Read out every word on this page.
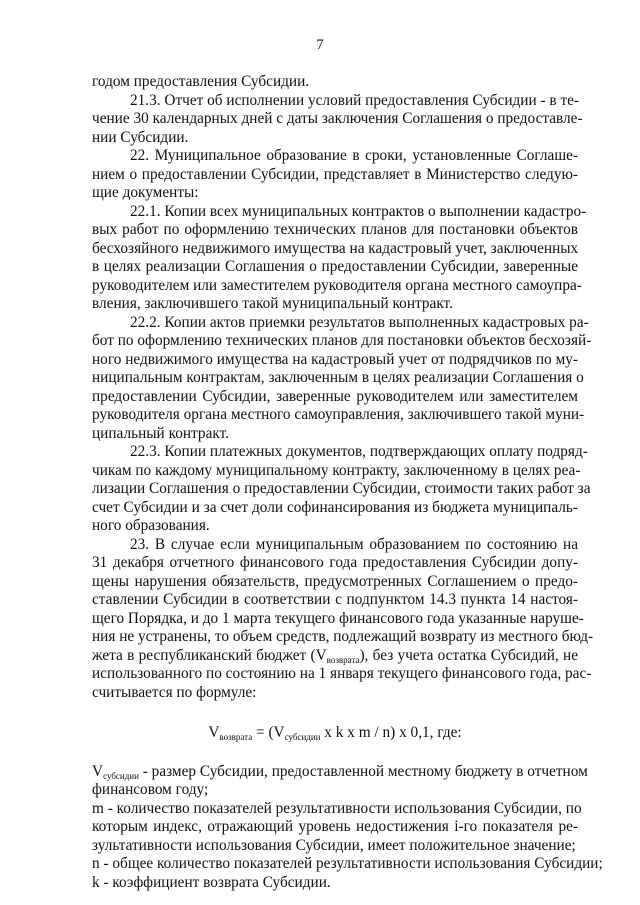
7
годом предоставления Субсидии.
21.3. Отчет об исполнении условий предоставления Субсидии - в те-
чение 30 календарных дней с даты заключения Соглашения о предоставле-
нии Субсидии.
22. Муниципальное образование в сроки, установленные Соглаше-
нием о предоставлении Субсидии, представляет в Министерство следую-
щие документы:
22.1. Копии всех муниципальных контрактов о выполнении кадастро-
вых работ по оформлению технических планов для постановки объектов
бесхозяйного недвижимого имущества на кадастровый учет, заключенных
в целях реализации Соглашения о предоставлении Субсидии, заверенные
руководителем или заместителем руководителя органа местного самоупра-
вления, заключившего такой муниципальный контракт.
22.2. Копии актов приемки результатов выполненных кадастровых ра-
бот по оформлению технических планов для постановки объектов бесхозяй-
ного недвижимого имущества на кадастровый учет от подрядчиков по му-
ниципальным контрактам, заключенным в целях реализации Соглашения о
предоставлении Субсидии, заверенные руководителем или заместителем
руководителя органа местного самоуправления, заключившего такой муни-
ципальный контракт.
22.3. Копии платежных документов, подтверждающих оплату подряд-
чикам по каждому муниципальному контракту, заключенному в целях реа-
лизации Соглашения о предоставлении Субсидии, стоимости таких работ за
счет Субсидии и за счет доли софинансирования из бюджета муниципаль-
ного образования.
23. В случае если муниципальным образованием по состоянию на
31 декабря отчетного финансового года предоставления Субсидии допу-
щены нарушения обязательств, предусмотренных Соглашением о предо-
ставлении Субсидии в соответствии с подпунктом 14.3 пункта 14 настоя-
щего Порядка, и до 1 марта текущего финансового года указанные наруше-
ния не устранены, то объем средств, подлежащий возврату из местного бюд-
жета в республиканский бюджет $(V_{возврата})$, без учета остатка Субсидий, не
использованного по состоянию на 1 января текущего финансового года, рас-
считывается по формуле:
$V_{возврата} = (V_{субсидии}$ x k x m / n) x 0,1, где:
$V_{субсидии}$ - размер Субсидии, предоставленной местному бюджету в отчетном
финансовом году;
m - количество показателей результативности использования Субсидии, по
которым индекс, отражающий уровень недостижения i-го показателя ре-
зультативности использования Субсидии, имеет положительное значение;
n - общее количество показателей результативности использования Субсидии;
k - коэффициент возврата Субсидии.
